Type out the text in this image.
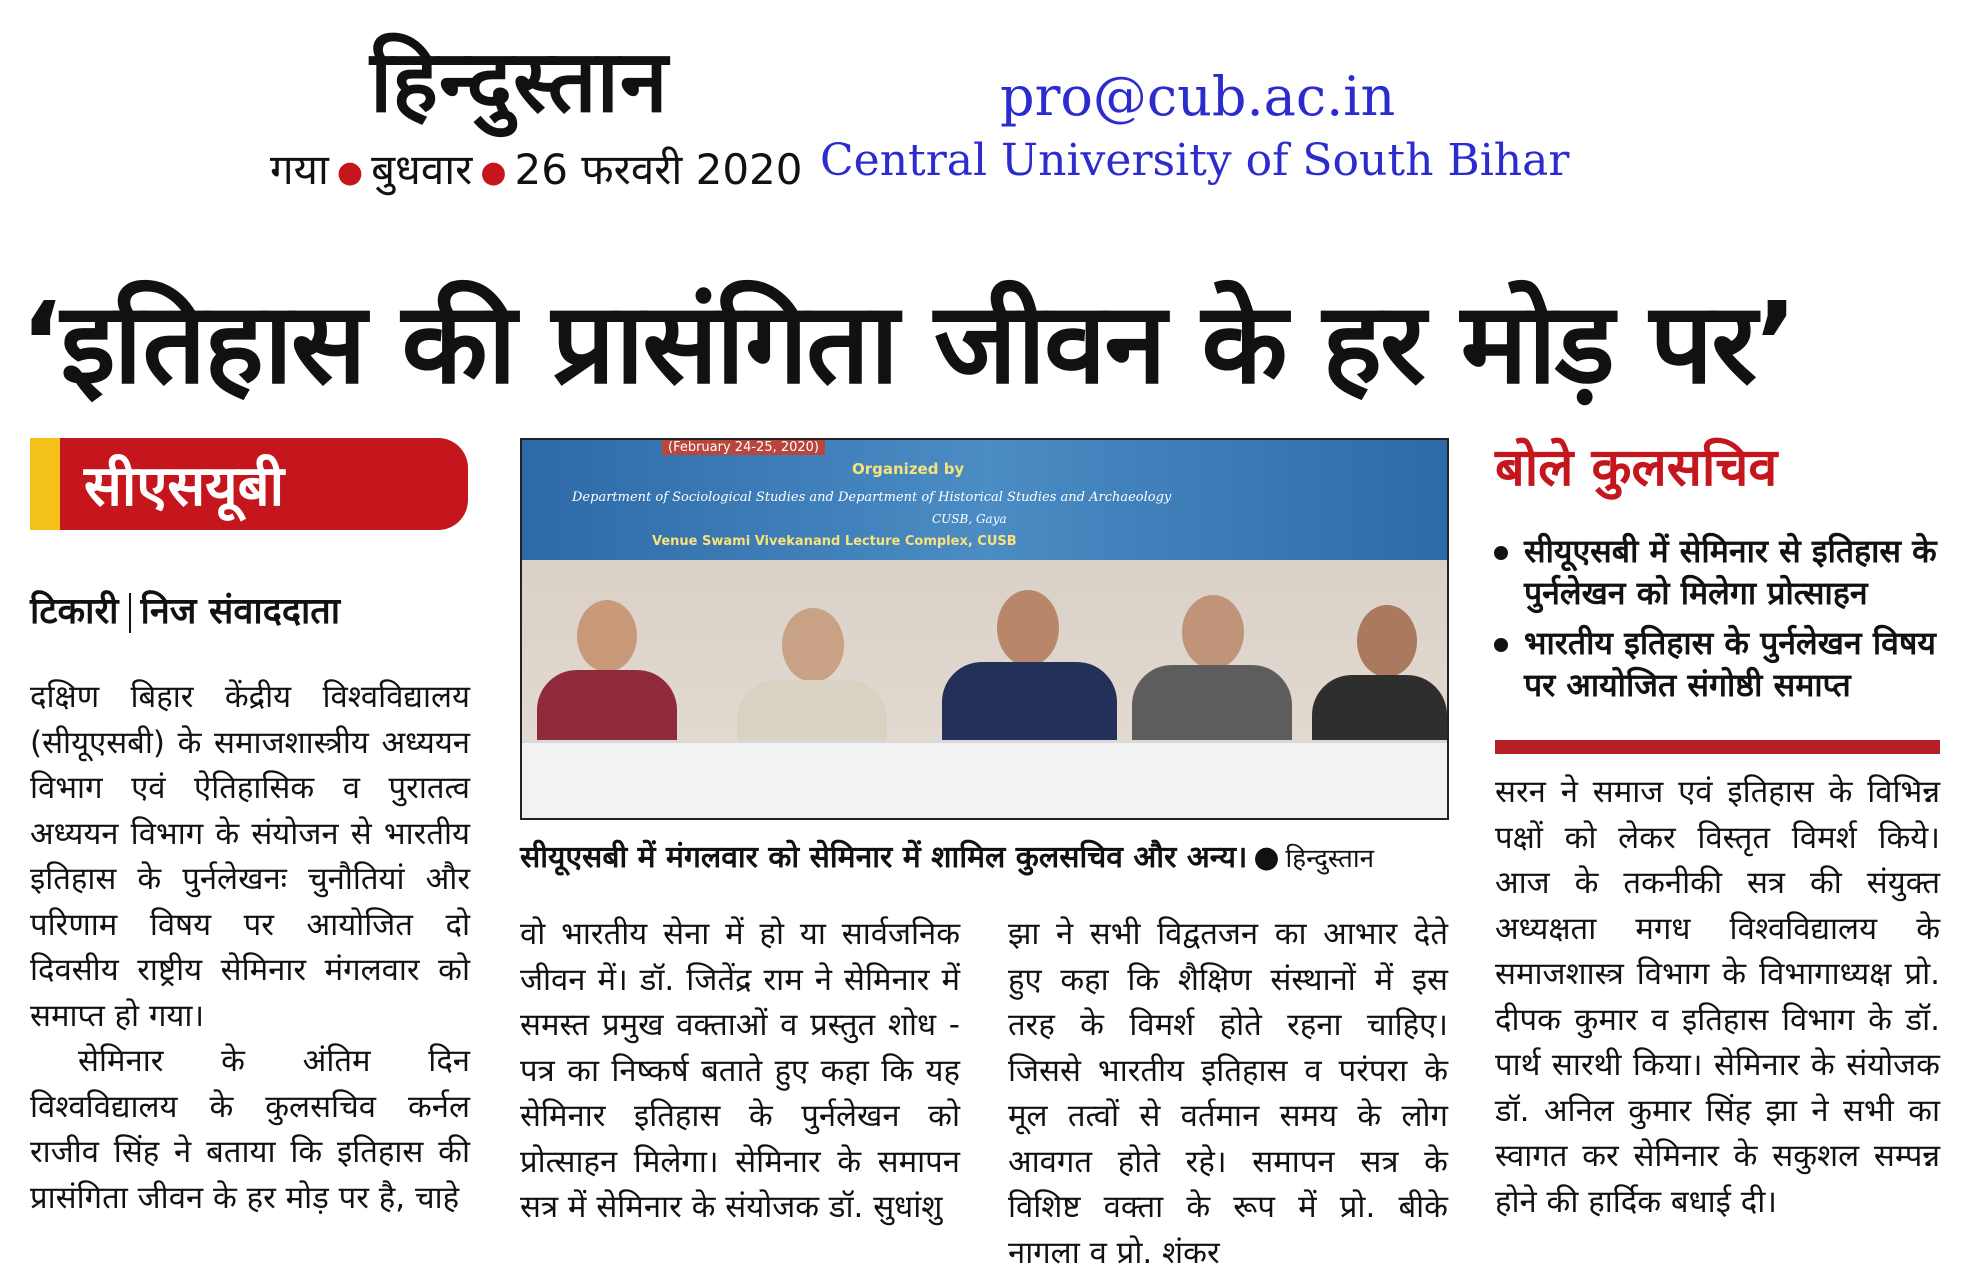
हिन्दुस्तान
गया ● बुधवार ● 26 फरवरी 2020
pro@cub.ac.in
Central University of South Bihar
‘इतिहास की प्रासंगिता जीवन के हर मोड़ पर’
सीएसयूबी
टिकारी निज संवाददाता

दक्षिण बिहार केंद्रीय विश्वविद्यालय (सीयूएसबी) के समाजशास्त्रीय अध्ययन विभाग एवं ऐतिहासिक व पुरातत्व अध्ययन विभाग के संयोजन से भारतीय इतिहास के पुर्नलेखनः चुनौतियां और परिणाम विषय पर आयोजित दो दिवसीय राष्ट्रीय सेमिनार मंगलवार को समाप्त हो गया।

सेमिनार के अंतिम दिन विश्वविद्यालय के कुलसचिव कर्नल राजीव सिंह ने बताया कि इतिहास की प्रासंगिता जीवन के हर मोड़ पर है, चाहे

(February 24-25, 2020)
Organized by
Department of Sociological Studies and Department of Historical Studies and Archaeology
CUSB, Gaya
Venue Swami Vivekanand Lecture Complex, CUSB
सीयूएसबी में मंगलवार को सेमिनार में शामिल कुलसचिव और अन्य। ● हिन्दुस्तान

वो भारतीय सेना में हो या सार्वजनिक जीवन में। डॉ. जितेंद्र राम ने सेमिनार में समस्त प्रमुख वक्ताओं व प्रस्तुत शोध - पत्र का निष्कर्ष बताते हुए कहा कि यह सेमिनार इतिहास के पुर्नलेखन को प्रोत्साहन मिलेगा। सेमिनार के समापन सत्र में सेमिनार के संयोजक डॉ. सुधांशु

झा ने सभी विद्वतजन का आभार देते हुए कहा कि शैक्षिण संस्थानों में इस तरह के विमर्श होते रहना चाहिए। जिससे भारतीय इतिहास व परंपरा के मूल तत्वों से वर्तमान समय के लोग आवगत होते रहे। समापन सत्र के विशिष्ट वक्ता के रूप में प्रो. बीके नागला व प्रो. शंकर

बोले कुलसचिव
सीयूएसबी में सेमिनार से इतिहास के पुर्नलेखन को मिलेगा प्रोत्साहन
भारतीय इतिहास के पुर्नलेखन विषय पर आयोजित संगोष्ठी समाप्त

सरन ने समाज एवं इतिहास के विभिन्न पक्षों को लेकर विस्तृत विमर्श किये। आज के तकनीकी सत्र की संयुक्त अध्यक्षता मगध विश्वविद्यालय के समाजशास्त्र विभाग के विभागाध्यक्ष प्रो. दीपक कुमार व इतिहास विभाग के डॉ. पार्थ सारथी किया। सेमिनार के संयोजक डॉ. अनिल कुमार सिंह झा ने सभी का स्वागत कर सेमिनार के सकुशल सम्पन्न होने की हार्दिक बधाई दी।
